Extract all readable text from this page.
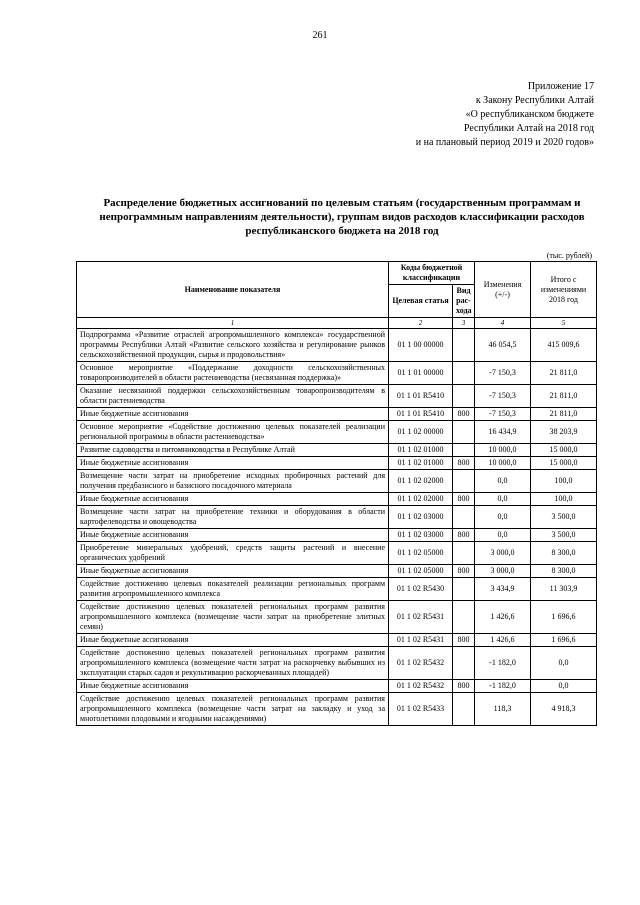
261
Приложение 17
к Закону Республики Алтай
«О республиканском бюджете
Республики Алтай на 2018 год
и на плановый период 2019 и 2020 годов»
Распределение бюджетных ассигнований по целевым статьям (государственным программам и непрограммным направлениям деятельности), группам видов расходов классификации расходов республиканского бюджета на 2018 год
(тыс. рублей)
Наименование показателя	Коды бюджетной классификации		Изменения (+/-)	Итого с изменениями 2018 год
	Целевая статья	Вид рас-хода		
1	2	3	4	5
Подпрограмма «Развитие отраслей агропромышленного комплекса» государственной программы Республики Алтай «Развитие сельского хозяйства и регулирование рынков сельскохозяйственной продукции, сырья и продовольствия»	01 1 00 00000		46 054,5	415 009,6
Основное мероприятие «Поддержание доходности сельскохозяйственных товаропроизводителей в области растениеводства (несвязанная поддержка)»	01 1 01 00000		-7 150,3	21 811,0
Оказание несвязанной поддержки сельскохозяйственным товаропроизводителям в области растениеводства	01 1 01 R5410		-7 150,3	21 811,0
Иные бюджетные ассигнования	01 1 01 R5410	800	-7 150,3	21 811,0
Основное мероприятие «Содействие достижению целевых показателей реализации региональной программы в области растениеводства»	01 1 02 00000		16 434,9	38 203,9
Развитие садоводства и питомниководства в Республике Алтай	01 1 02 01000		10 000,0	15 000,0
Иные бюджетные ассигнования	01 1 02 01000	800	10 000,0	15 000,0
Возмещение части затрат на приобретение исходных пробирочных растений для получения предбазисного и базисного посадочного материала	01 1 02 02000		0,0	100,0
Иные бюджетные ассигнования	01 1 02 02000	800	0,0	100,0
Возмещение части затрат на приобретение техники и оборудования в области картофелеводства и овощеводства	01 1 02 03000		0,0	3 500,0
Иные бюджетные ассигнования	01 1 02 03000	800	0,0	3 500,0
Приобретение минеральных удобрений, средств защиты растений и внесение органических удобрений	01 1 02 05000		3 000,0	8 300,0
Иные бюджетные ассигнования	01 1 02 05000	800	3 000,0	8 300,0
Содействие достижению целевых показателей реализации региональных программ развития агропромышленного комплекса	01 1 02 R5430		3 434,9	11 303,9
Содействие достижению целевых показателей региональных программ развития агропромышленного комплекса (возмещение части затрат на приобретение элитных семян)	01 1 02 R5431		1 426,6	1 696,6
Иные бюджетные ассигнования	01 1 02 R5431	800	1 426,6	1 696,6
Содействие достижению целевых показателей региональных программ развития агропромышленного комплекса (возмещение части затрат на раскорчевку выбывших из эксплуатации старых садов и рекультивацию раскорчеванных площадей)	01 1 02 R5432		-1 182,0	0,0
Иные бюджетные ассигнования	01 1 02 R5432	800	-1 182,0	0,0
Содействие достижению целевых показателей региональных программ развития агропромышленного комплекса (возмещение части затрат на закладку и уход за многолетними плодовыми и ягодными насаждениями)	01 1 02 R5433		118,3	4 918,3
